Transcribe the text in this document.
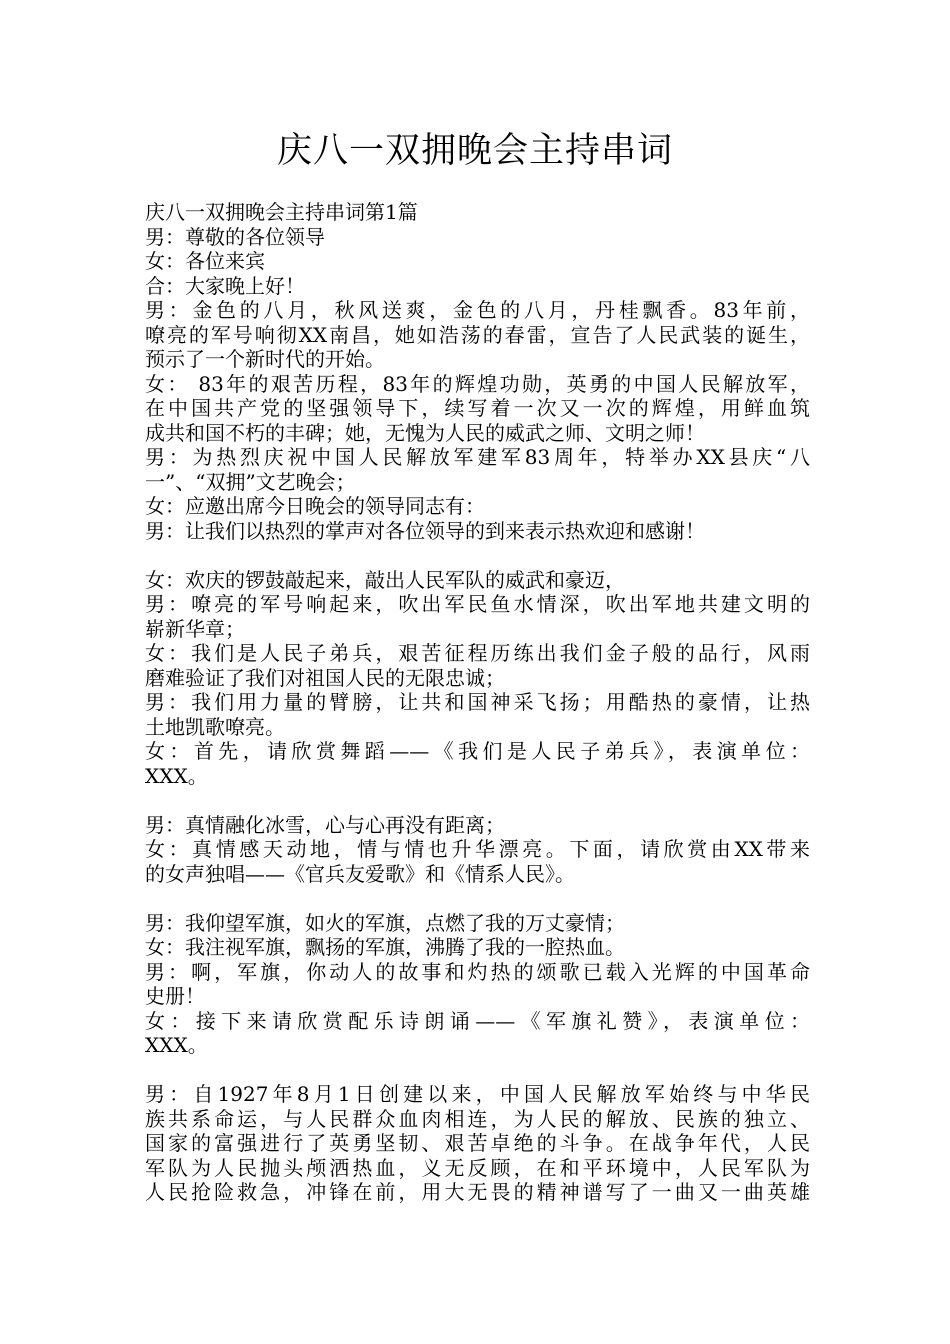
庆八一双拥晚会主持串词
庆八一双拥晚会主持串词第1篇
男：尊敬的各位领导
女：各位来宾
合：大家晚上好！
男：金色的八月，秋风送爽，金色的八月，丹桂飘香。83年前，
嘹亮的军号响彻XX南昌，她如浩荡的春雷，宣告了人民武装的诞生，
预示了一个新时代的开始。
女： 83年的艰苦历程，83年的辉煌功勋，英勇的中国人民解放军，
在中国共产党的坚强领导下，续写着一次又一次的辉煌，用鲜血筑
成共和国不朽的丰碑；她，无愧为人民的威武之师、文明之师！
男：为热烈庆祝中国人民解放军建军83周年，特举办XX县庆“八
一”、“双拥”文艺晚会；
女：应邀出席今日晚会的领导同志有：
男：让我们以热烈的掌声对各位领导的到来表示热欢迎和感谢！
女：欢庆的锣鼓敲起来，敲出人民军队的威武和豪迈，
男：嘹亮的军号响起来，吹出军民鱼水情深，吹出军地共建文明的
崭新华章；
女：我们是人民子弟兵，艰苦征程历练出我们金子般的品行，风雨
磨难验证了我们对祖国人民的无限忠诚；
男：我们用力量的臂膀，让共和国神采飞扬；用酷热的豪情，让热
土地凯歌嘹亮。
女：首先，请欣赏舞蹈——《我们是人民子弟兵》，表演单位：
XXX。
男：真情融化冰雪，心与心再没有距离；
女：真情感天动地，情与情也升华漂亮。下面，请欣赏由XX带来
的女声独唱——《官兵友爱歌》和《情系人民》。
男：我仰望军旗，如火的军旗，点燃了我的万丈豪情；
女：我注视军旗，飘扬的军旗，沸腾了我的一腔热血。
男：啊，军旗，你动人的故事和灼热的颂歌已载入光辉的中国革命
史册！
女：接下来请欣赏配乐诗朗诵——《军旗礼赞》，表演单位：
XXX。
男：自1927年8月1日创建以来，中国人民解放军始终与中华民
族共系命运，与人民群众血肉相连，为人民的解放、民族的独立、
国家的富强进行了英勇坚韧、艰苦卓绝的斗争。在战争年代，人民
军队为人民抛头颅洒热血，义无反顾，在和平环境中，人民军队为
人民抢险救急，冲锋在前，用大无畏的精神谱写了一曲又一曲英雄
